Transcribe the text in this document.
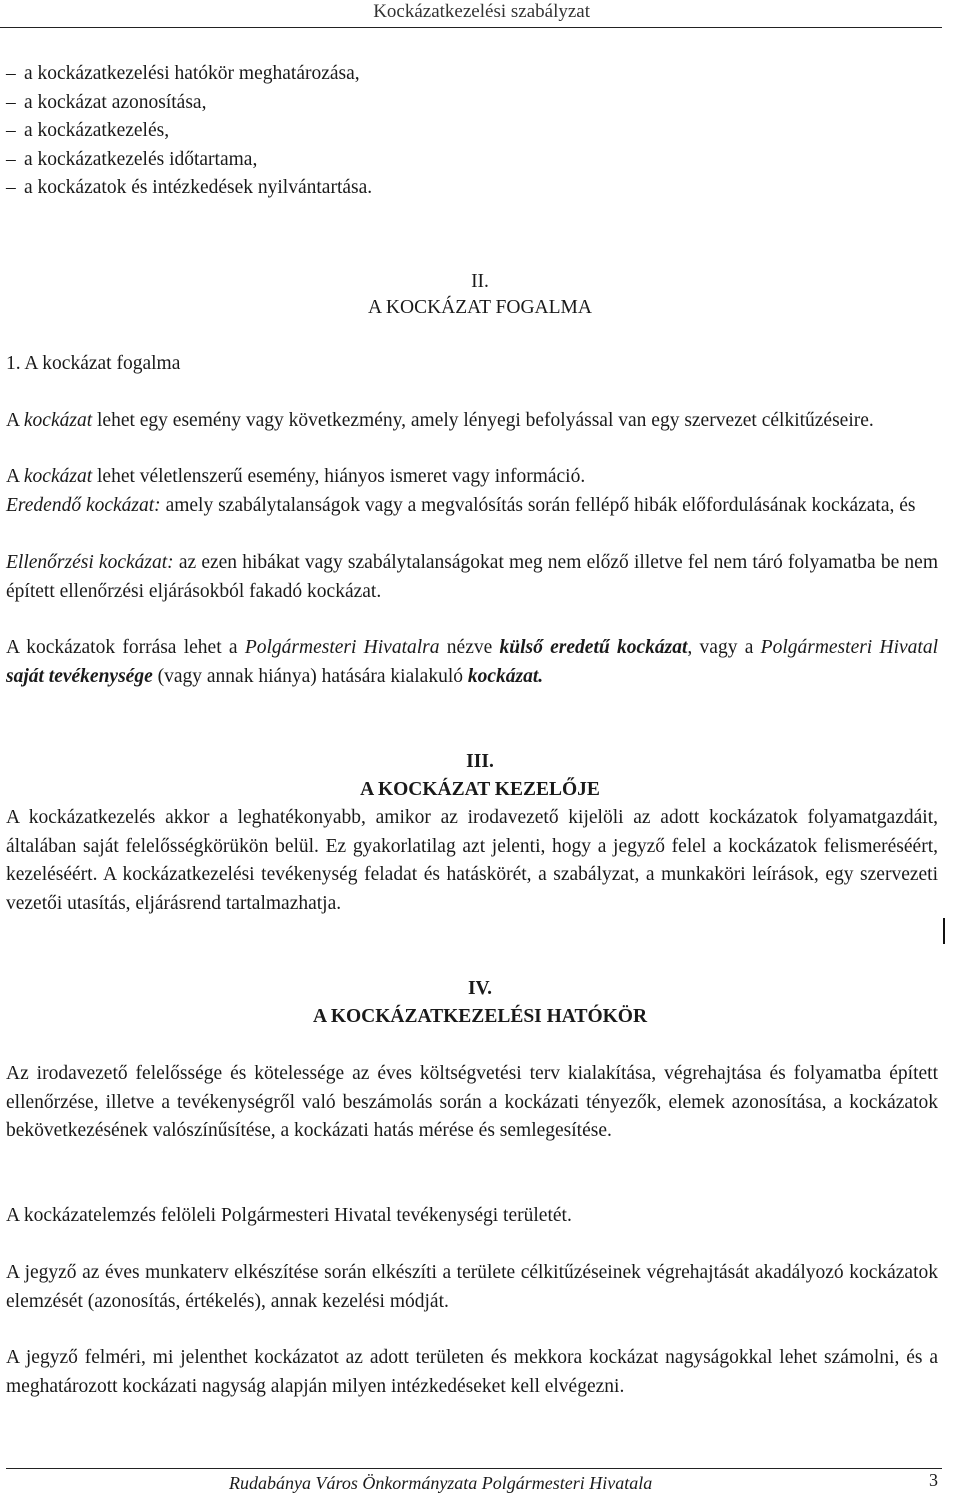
Kockázatkezelési szabályzat
– a kockázatkezelési hatókör meghatározása,
– a kockázat azonosítása,
– a kockázatkezelés,
– a kockázatkezelés időtartama,
– a kockázatok és intézkedések nyilvántartása.
II.
A KOCKÁZAT FOGALMA
1. A kockázat fogalma

A kockázat lehet egy esemény vagy következmény, amely lényegi befolyással van egy szervezet célkitűzéseire.

A kockázat lehet véletlenszerű esemény, hiányos ismeret vagy információ.

Eredendő kockázat: amely szabálytalanságok vagy a megvalósítás során fellépő hibák előfordulásának kockázata, és

Ellenőrzési kockázat: az ezen hibákat vagy szabálytalanságokat meg nem előző illetve fel nem táró folyamatba be nem épített ellenőrzési eljárásokból fakadó kockázat.

A kockázatok forrása lehet a Polgármesteri Hivatalra nézve külső eredetű kockázat, vagy a Polgármesteri Hivatal saját tevékenysége (vagy annak hiánya) hatására kialakuló kockázat.

III.
A KOCKÁZAT KEZELŐJE

A kockázatkezelés akkor a leghatékonyabb, amikor az irodavezető kijelöli az adott kockázatok folyamatgazdáit, általában saját felelősségkörükön belül. Ez gyakorlatilag azt jelenti, hogy a jegyző felel a kockázatok felismeréséért, kezeléséért. A kockázatkezelési tevékenység feladat és hatáskörét, a szabályzat, a munkaköri leírások, egy szervezeti vezetői utasítás, eljárásrend tartalmazhatja.

IV.
A KOCKÁZATKEZELÉSI HATÓKÖR

Az irodavezető felelőssége és kötelessége az éves költségvetési terv kialakítása, végrehajtása és folyamatba épített ellenőrzése, illetve a tevékenységről való beszámolás során a kockázati tényezők, elemek azonosítása, a kockázatok bekövetkezésének valószínűsítése, a kockázati hatás mérése és semlegesítése.

A kockázatelemzés felöleli Polgármesteri Hivatal tevékenységi területét.

A jegyző az éves munkaterv elkészítése során elkészíti a területe célkitűzéseinek végrehajtását akadályozó kockázatok elemzését (azonosítás, értékelés), annak kezelési módját.

A jegyző felméri, mi jelenthet kockázatot az adott területen és mekkora kockázat nagyságokkal lehet számolni, és a meghatározott kockázati nagyság alapján milyen intézkedéseket kell elvégezni.

Rudabánya Város Önkormányzata Polgármesteri Hivatala	3
